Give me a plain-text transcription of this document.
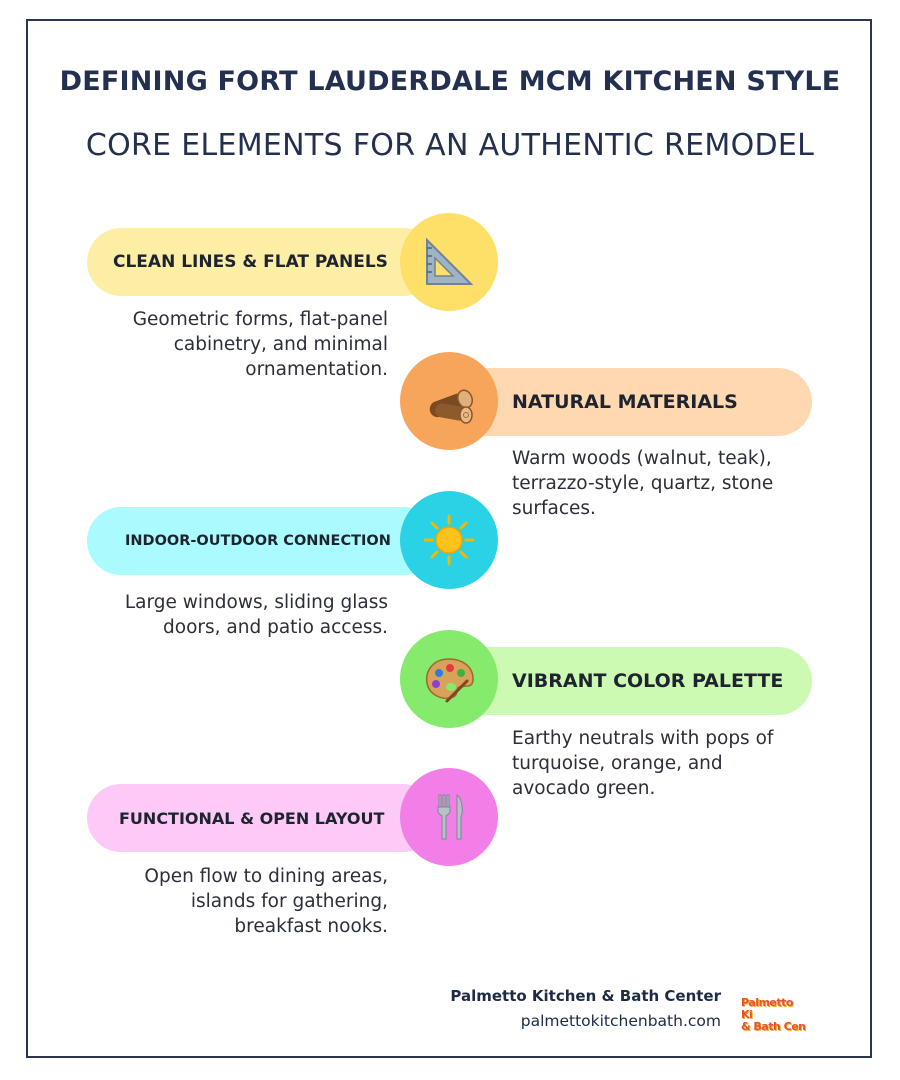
DEFINING FORT LAUDERDALE MCM KITCHEN STYLE
CORE ELEMENTS FOR AN AUTHENTIC REMODEL
CLEAN LINES & FLAT PANELS
Geometric forms, flat-panel cabinetry, and minimal ornamentation.
NATURAL MATERIALS
Warm woods (walnut, teak), terrazzo-style, quartz, stone surfaces.
INDOOR-OUTDOOR CONNECTION
Large windows, sliding glass doors, and patio access.
VIBRANT COLOR PALETTE
Earthy neutrals with pops of turquoise, orange, and avocado green.
FUNCTIONAL & OPEN LAYOUT
Open flow to dining areas, islands for gathering, breakfast nooks.
Palmetto Kitchen & Bath Center
palmettokitchenbath.com
Palmetto Ki
& Bath Cen
